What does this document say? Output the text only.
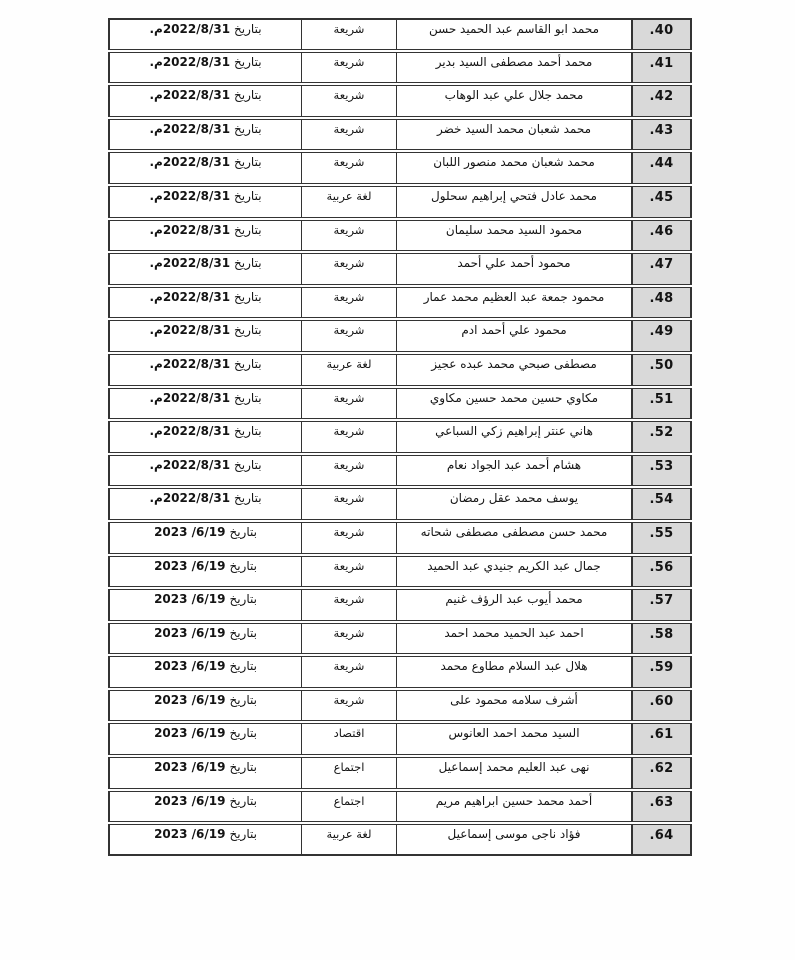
.40
محمد ابو القاسم عبد الحميد حسن
شريعة
بتاريخ
2022/8/31م.
.41
محمد أحمد مصطفى السيد بدير
شريعة
بتاريخ
2022/8/31م.
.42
محمد جلال علي عبد الوهاب
شريعة
بتاريخ
2022/8/31م.
.43
محمد شعبان محمد السيد خضر
شريعة
بتاريخ
2022/8/31م.
.44
محمد شعبان محمد منصور اللبان
شريعة
بتاريخ
2022/8/31م.
.45
محمد عادل فتحي إبراهيم سحلول
لغة عربية
بتاريخ
2022/8/31م.
.46
محمود السيد محمد سليمان
شريعة
بتاريخ
2022/8/31م.
.47
محمود أحمد علي أحمد
شريعة
بتاريخ
2022/8/31م.
.48
محمود جمعة عبد العظيم محمد عمار
شريعة
بتاريخ
2022/8/31م.
.49
محمود علي أحمد ادم
شريعة
بتاريخ
2022/8/31م.
.50
مصطفى صبحي محمد عبده عجيز
لغة عربية
بتاريخ
2022/8/31م.
.51
مكاوي حسين محمد حسين مكاوي
شريعة
بتاريخ
2022/8/31م.
.52
هاني عنتر إبراهيم زكي السباعي
شريعة
بتاريخ
2022/8/31م.
.53
هشام أحمد عبد الجواد نعام
شريعة
بتاريخ
2022/8/31م.
.54
يوسف محمد عقل رمضان
شريعة
بتاريخ
2022/8/31م.
.55
محمد حسن مصطفى مصطفى شحاته
شريعة
بتاريخ
2023 /6/19
.56
جمال عبد الكريم جنيدي عبد الحميد
شريعة
بتاريخ
2023 /6/19
.57
محمد أيوب عبد الرؤف غنيم
شريعة
بتاريخ
2023 /6/19
.58
احمد عبد الحميد محمد احمد
شريعة
بتاريخ
2023 /6/19
.59
هلال عبد السلام مطاوع محمد
شريعة
بتاريخ
2023 /6/19
.60
أشرف سلامه محمود على
شريعة
بتاريخ
2023 /6/19
.61
السيد محمد احمد العانوس
اقتصاد
بتاريخ
2023 /6/19
.62
نهى عبد العليم محمد إسماعيل
اجتماع
بتاريخ
2023 /6/19
.63
أحمد محمد حسين ابراهيم مريم
اجتماع
بتاريخ
2023 /6/19
.64
فؤاد ناجى موسى إسماعيل
لغة عربية
بتاريخ
2023 /6/19
